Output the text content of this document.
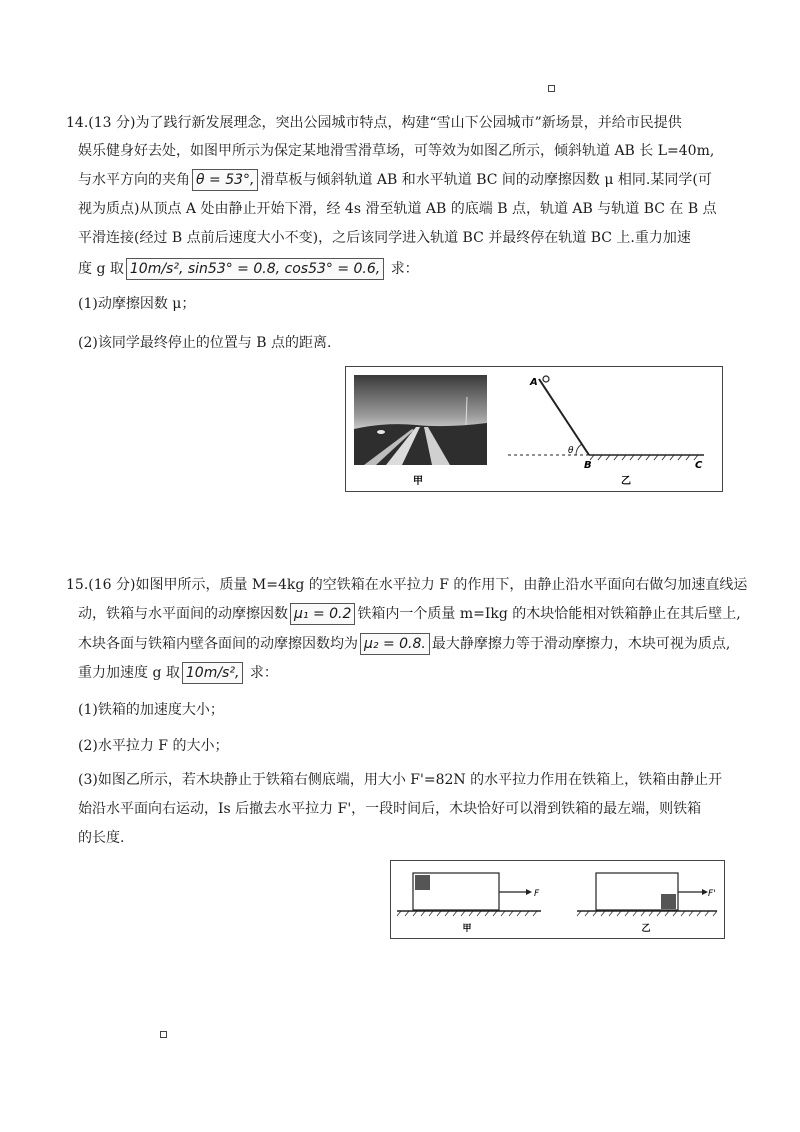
14.(13 分)为了践行新发展理念，突出公园城市特点，构建“雪山下公园城市”新场景，并给市民提供
娱乐健身好去处，如图甲所示为保定某地滑雪滑草场，可等效为如图乙所示，倾斜轨道 AB 长 L=40m,
与水平方向的夹角 θ = 53°, 滑草板与倾斜轨道 AB 和水平轨道 BC 间的动摩擦因数 μ 相同.某同学(可
视为质点)从顶点 A 处由静止开始下滑，经 4s 滑至轨道 AB 的底端 B 点，轨道 AB 与轨道 BC 在 B 点
平滑连接(经过 B 点前后速度大小不变)，之后该同学进入轨道 BC 并最终停在轨道 BC 上.重力加速
度 g 取 10m/s², sin53° = 0.8, cos53° = 0.6, 求：
(1)动摩擦因数 μ；
(2)该同学最终停止的位置与 B 点的距离.
甲
A
θ
B	C
乙
15.(16 分)如图甲所示，质量 M=4kg 的空铁箱在水平拉力 F 的作用下，由静止沿水平面向右做匀加速直线运
动，铁箱与水平面间的动摩擦因数 μ₁ = 0.2 铁箱内一个质量 m=Ikg 的木块恰能相对铁箱静止在其后壁上,
木块各面与铁箱内壁各面间的动摩擦因数均为 μ₂ = 0.8. 最大静摩擦力等于滑动摩擦力，木块可视为质点,
重力加速度 g 取 10m/s², 求：
(1)铁箱的加速度大小；
(2)水平拉力 F 的大小；
(3)如图乙所示，若木块静止于铁箱右侧底端，用大小 F'=82N 的水平拉力作用在铁箱上，铁箱由静止开
始沿水平面向右运动，Is 后撤去水平拉力 F'，一段时间后，木块恰好可以滑到铁箱的最左端，则铁箱
的长度.
F
甲
F'
乙
